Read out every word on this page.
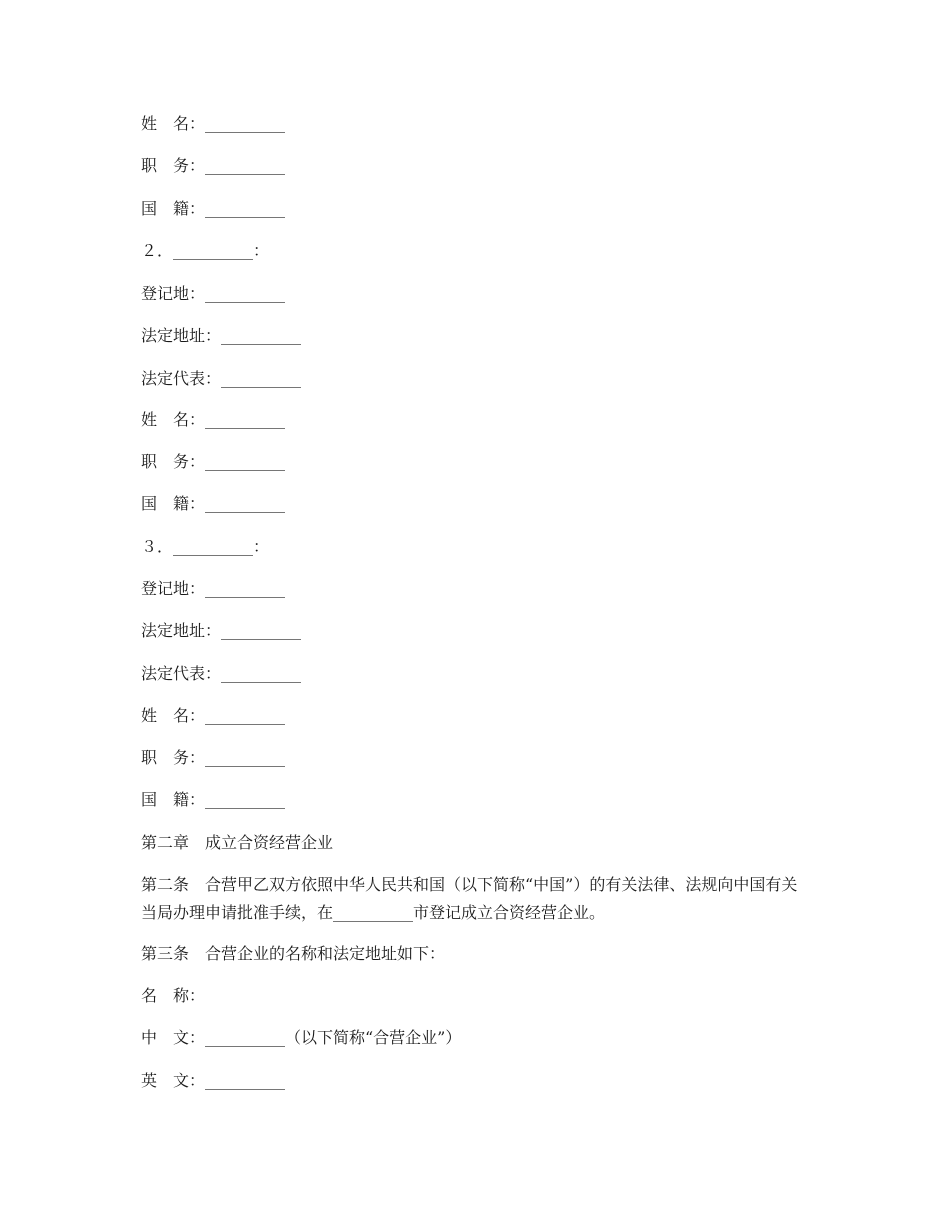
姓　名：__________
职　务：__________
国　籍：__________
２．__________：
登记地：__________
法定地址：__________
法定代表：__________
姓　名：__________
职　务：__________
国　籍：__________
３．__________：
登记地：__________
法定地址：__________
法定代表：__________
姓　名：__________
职　务：__________
国　籍：__________
第二章　成立合资经营企业
第二条　合营甲乙双方依照中华人民共和国（以下简称“中国”）的有关法律、法规向中国有关当局办理申请批准手续，在__________市登记成立合资经营企业。
第三条　合营企业的名称和法定地址如下：
名　称：
中　文：__________（以下简称“合营企业”）
英　文：__________
